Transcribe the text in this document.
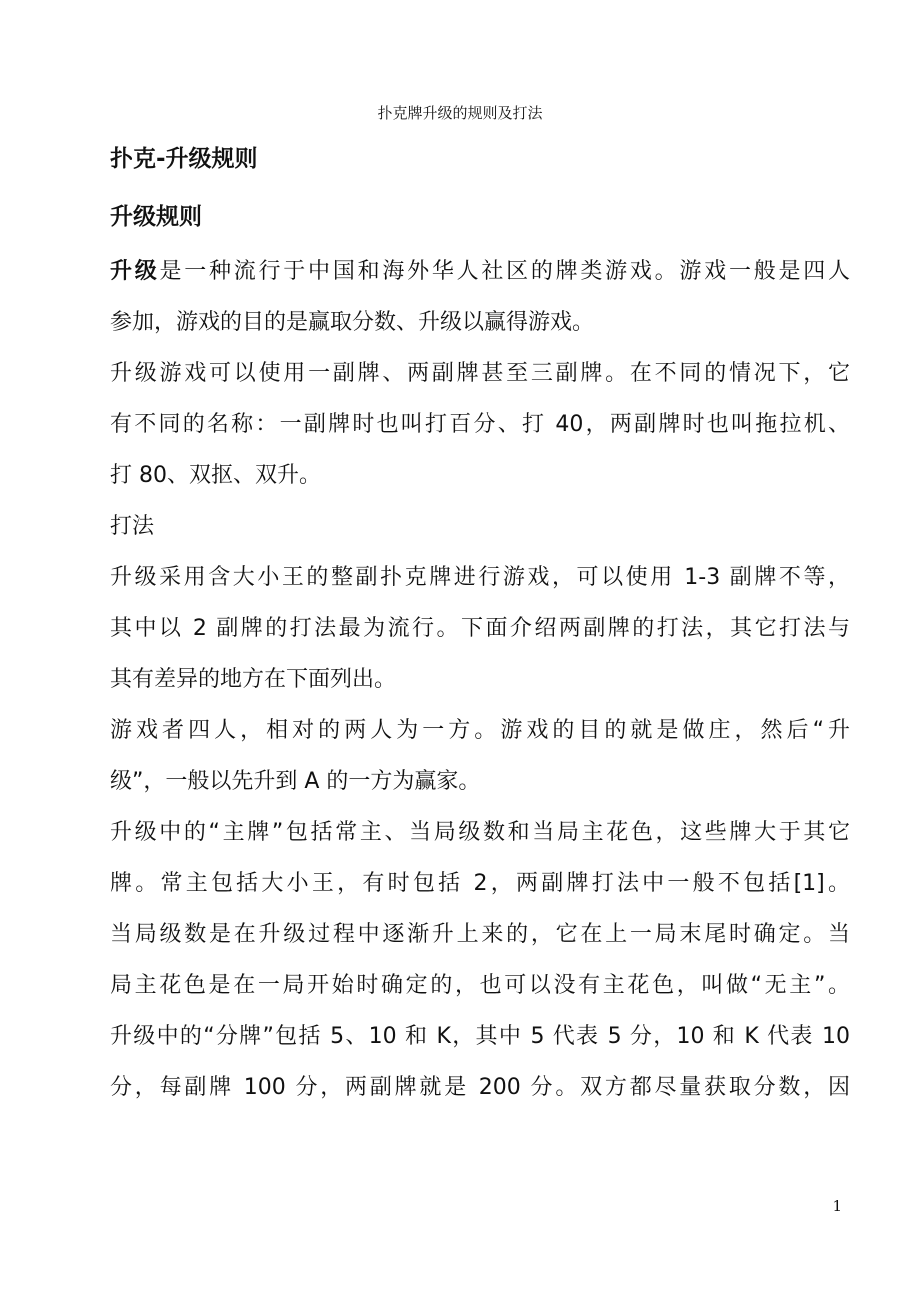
扑克牌升级的规则及打法
扑克-升级规则
升级规则

升级是一种流行于中国和海外华人社区的牌类游戏。游戏一般是四人
参加，游戏的目的是赢取分数、升级以赢得游戏。

升级游戏可以使用一副牌、两副牌甚至三副牌。在不同的情况下，它
有不同的名称：一副牌时也叫打百分、打 40，两副牌时也叫拖拉机、
打 80、双抠、双升。

打法

升级采用含大小王的整副扑克牌进行游戏，可以使用 1-3 副牌不等，
其中以 2 副牌的打法最为流行。下面介绍两副牌的打法，其它打法与
其有差异的地方在下面列出。

游戏者四人，相对的两人为一方。游戏的目的就是做庄，然后“升
级”，一般以先升到 A 的一方为赢家。

升级中的“主牌”包括常主、当局级数和当局主花色，这些牌大于其它
牌。常主包括大小王，有时包括 2，两副牌打法中一般不包括[1]。
当局级数是在升级过程中逐渐升上来的，它在上一局末尾时确定。当
局主花色是在一局开始时确定的，也可以没有主花色，叫做“无主”。
升级中的“分牌”包括 5、10 和 K，其中 5 代表 5 分，10 和 K 代表 10
分，每副牌 100 分，两副牌就是 200 分。双方都尽量获取分数，因

1
